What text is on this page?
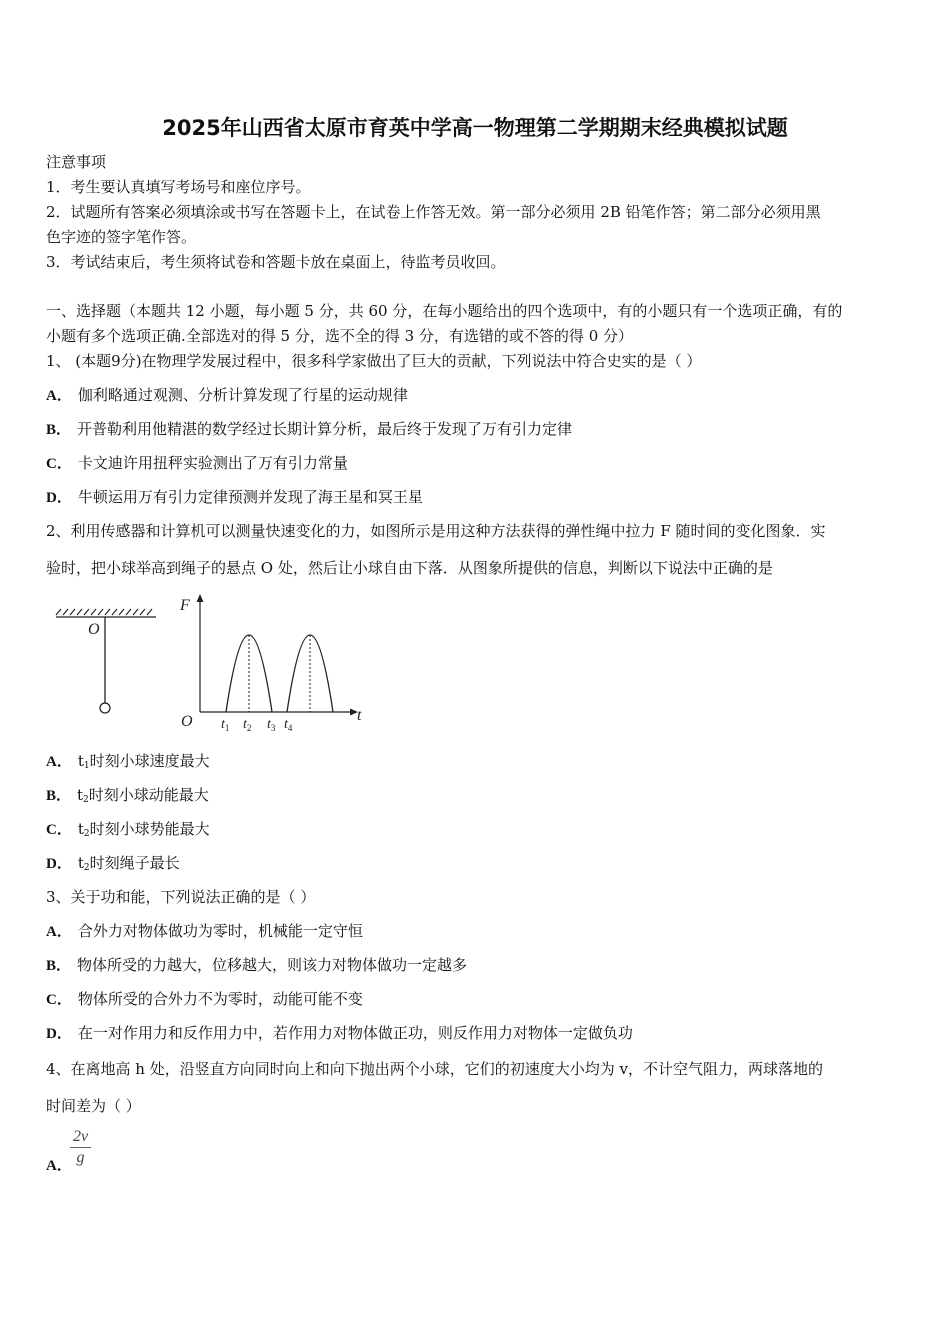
2025年山西省太原市育英中学高一物理第二学期期末经典模拟试题
注意事项
1．考生要认真填写考场号和座位序号。
2．试题所有答案必须填涂或书写在答题卡上，在试卷上作答无效。第一部分必须用 2B 铅笔作答；第二部分必须用黑
色字迹的签字笔作答。
3．考试结束后，考生须将试卷和答题卡放在桌面上，待监考员收回。
一、选择题（本题共 12 小题，每小题 5 分，共 60 分，在每小题给出的四个选项中，有的小题只有一个选项正确，有的
小题有多个选项正确.全部选对的得 5 分，选不全的得 3 分，有选错的或不答的得 0 分）
1、 (本题9分)在物理学发展过程中，很多科学家做出了巨大的贡献，下列说法中符合史实的是（ ）
A． 伽利略通过观测、分析计算发现了行星的运动规律
B． 开普勒利用他精湛的数学经过长期计算分析，最后终于发现了万有引力定律
C． 卡文迪许用扭秤实验测出了万有引力常量
D． 牛顿运用万有引力定律预测并发现了海王星和冥王星
2、利用传感器和计算机可以测量快速变化的力，如图所示是用这种方法获得的弹性绳中拉力 F 随时间的变化图象．实
验时，把小球举高到绳子的悬点 O 处，然后让小球自由下落．从图象所提供的信息，判断以下说法中正确的是
O
F
t
O $t_1$ $t_2$ $t_3$ $t_4$
A． $t_1$时刻小球速度最大
B． $t_2$时刻小球动能最大
C． $t_2$时刻小球势能最大
D． $t_2$时刻绳子最长
3、关于功和能，下列说法正确的是（ ）
A． 合外力对物体做功为零时，机械能一定守恒
B． 物体所受的力越大，位移越大，则该力对物体做功一定越多
C． 物体所受的合外力不为零时，动能可能不变
D． 在一对作用力和反作用力中，若作用力对物体做正功，则反作用力对物体一定做负功
4、在离地高 h 处，沿竖直方向同时向上和向下抛出两个小球，它们的初速度大小均为 v，不计空气阻力，两球落地的
时间差为（ ）
A．
2v
g
